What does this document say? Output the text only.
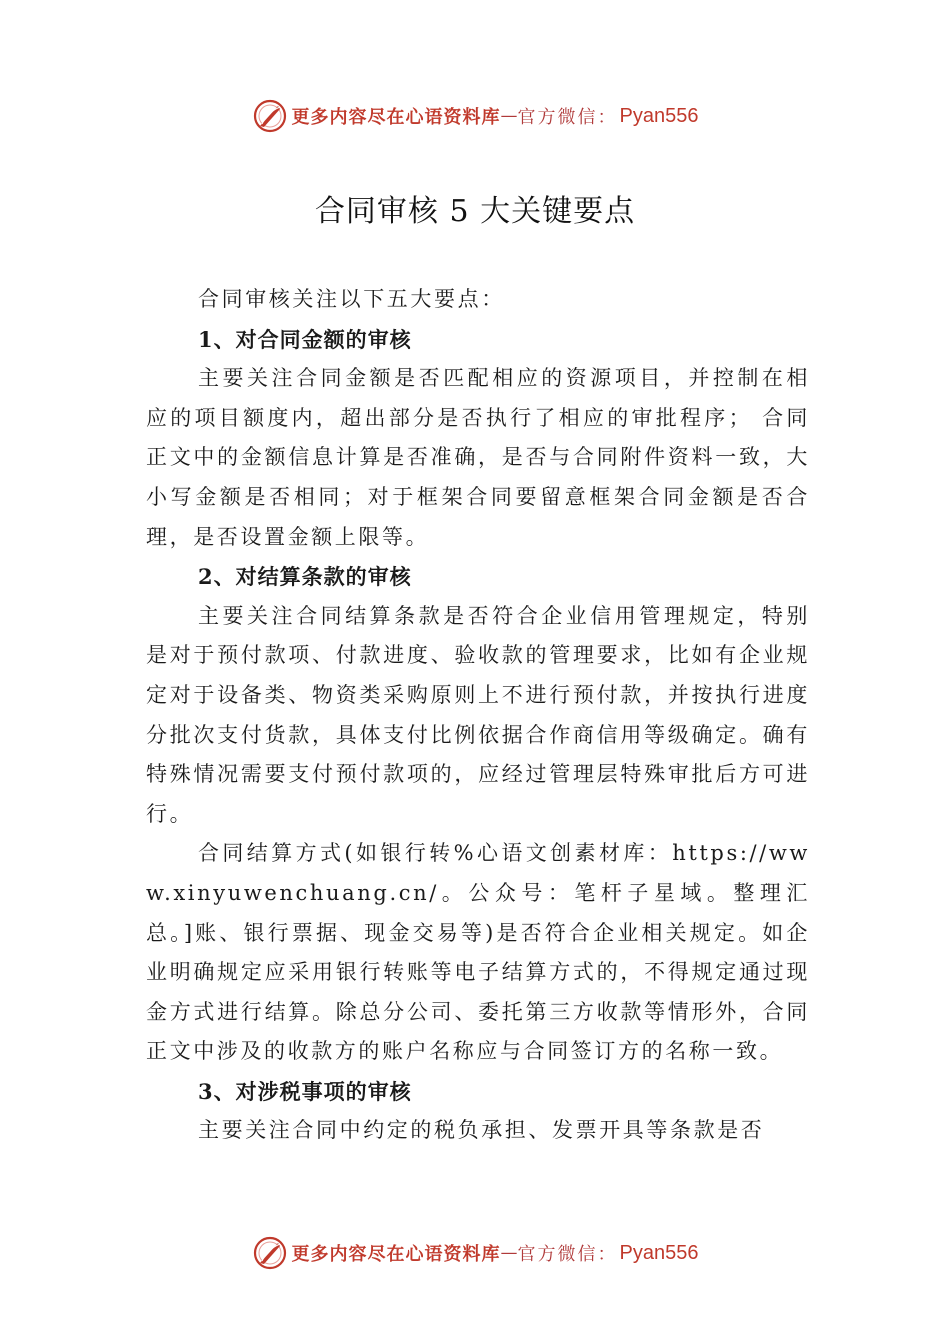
更多内容尽在心语资料库 — 官方微信： Pyan556
合同审核 5 大关键要点

合同审核关注以下五大要点：

1、对合同金额的审核

主要关注合同金额是否匹配相应的资源项目，并控制在相应的项目额度内，超出部分是否执行了相应的审批程序； 合同正文中的金额信息计算是否准确，是否与合同附件资料一致，大小写金额是否相同；对于框架合同要留意框架合同金额是否合理，是否设置金额上限等。

2、对结算条款的审核

主要关注合同结算条款是否符合企业信用管理规定，特别是对于预付款项、付款进度、验收款的管理要求，比如有企业规定对于设备类、物资类采购原则上不进行预付款，并按执行进度分批次支付货款，具体支付比例依据合作商信用等级确定。确有特殊情况需要支付预付款项的，应经过管理层特殊审批后方可进行。

合同结算方式(如银行转%心语文创素材库：https://www.xinyuwenchuang.cn/。公众号：笔杆子星域。整理汇总。]账、银行票据、现金交易等)是否符合企业相关规定。如企业明确规定应采用银行转账等电子结算方式的，不得规定通过现金方式进行结算。除总分公司、委托第三方收款等情形外，合同正文中涉及的收款方的账户名称应与合同签订方的名称一致。

3、对涉税事项的审核

主要关注合同中约定的税负承担、发票开具等条款是否

更多内容尽在心语资料库 — 官方微信： Pyan556
